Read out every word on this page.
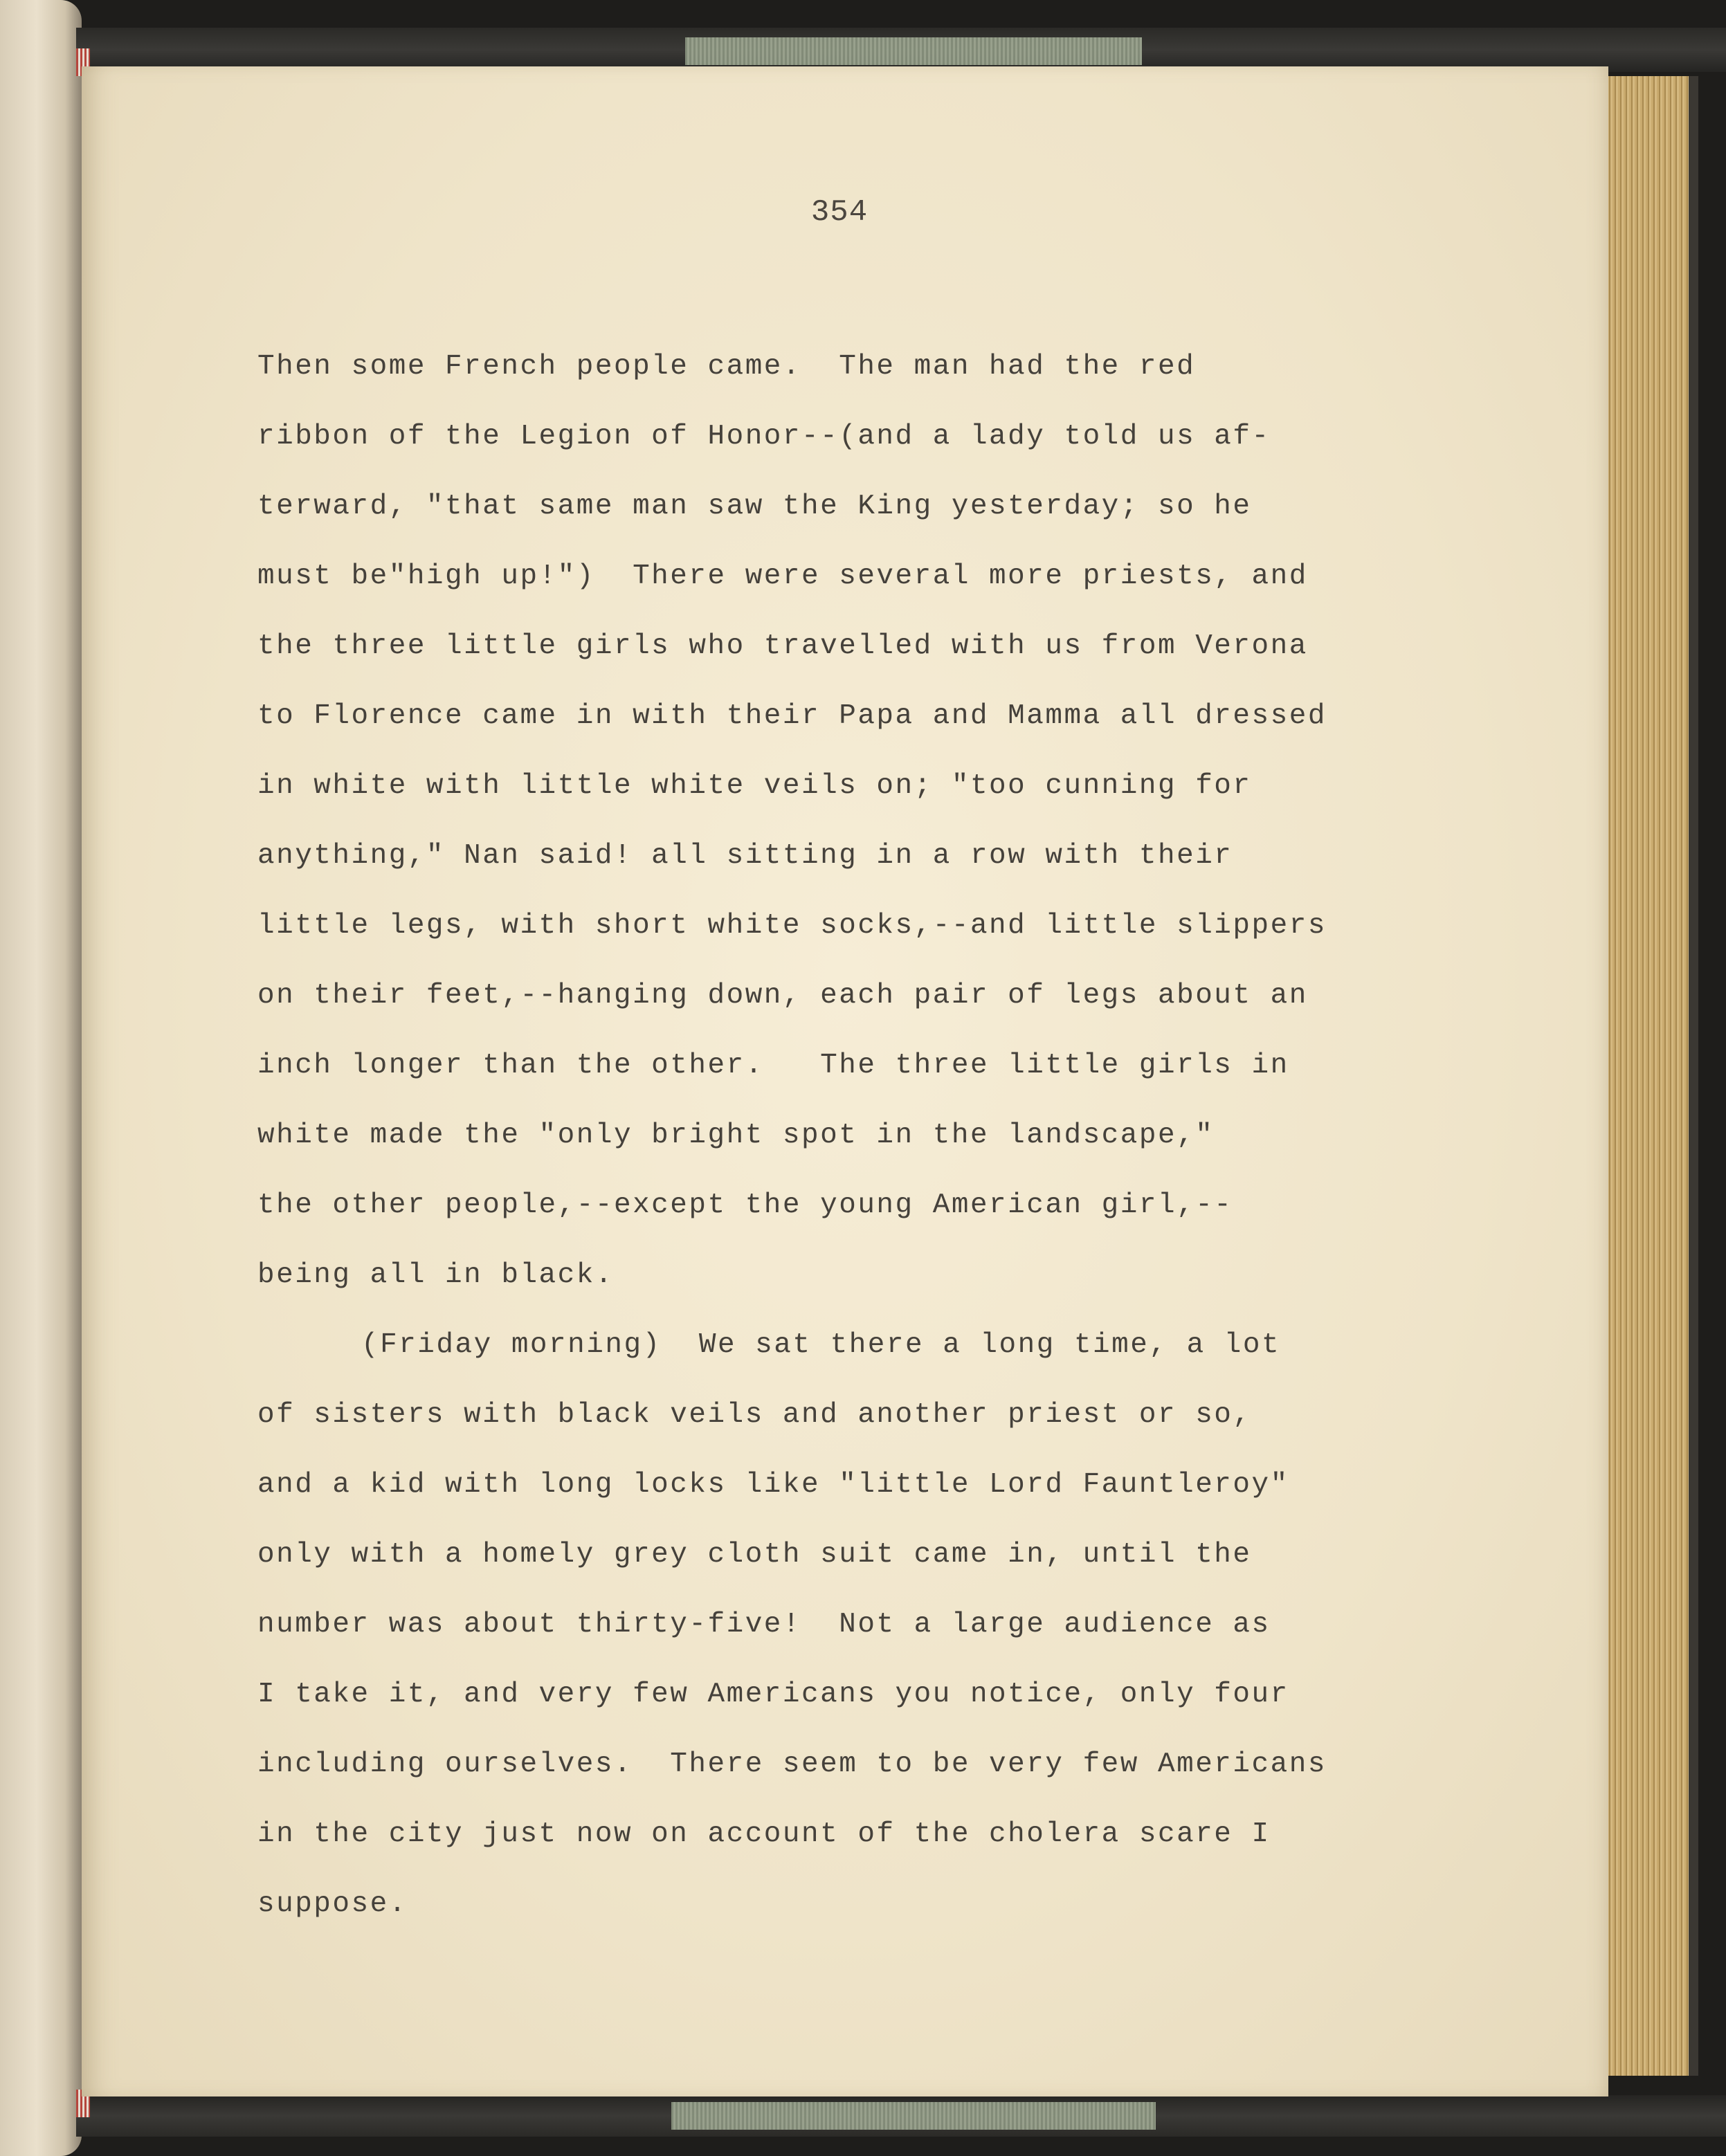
354
Then some French people came.  The man had the red
ribbon of the Legion of Honor--(and a lady told us af-
terward, "that same man saw the King yesterday; so he
must be"high up!")  There were several more priests, and
the three little girls who travelled with us from Verona
to Florence came in with their Papa and Mamma all dressed
in white with little white veils on; "too cunning for
anything," Nan said! all sitting in a row with their
little legs, with short white socks,--and little slippers
on their feet,--hanging down, each pair of legs about an
inch longer than the other.   The three little girls in
white made the "only bright spot in the landscape,"
the other people,--except the young American girl,--
being all in black.
(Friday morning)  We sat there a long time, a lot
of sisters with black veils and another priest or so,
and a kid with long locks like "little Lord Fauntleroy"
only with a homely grey cloth suit came in, until the
number was about thirty-five!  Not a large audience as
I take it, and very few Americans you notice, only four
including ourselves.  There seem to be very few Americans
in the city just now on account of the cholera scare I
suppose.
